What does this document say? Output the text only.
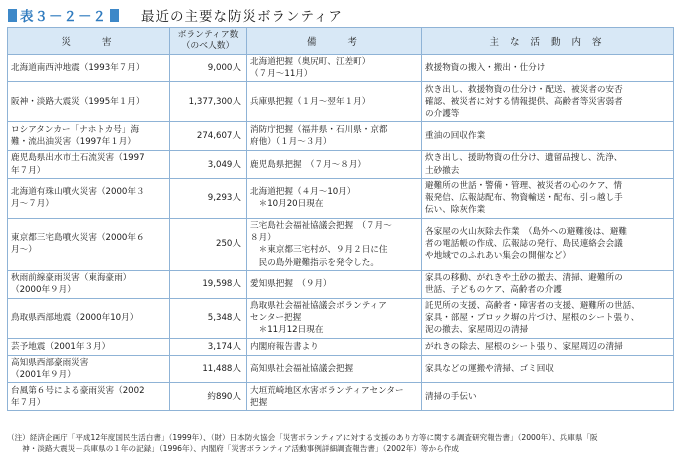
表３－２－２	最近の主要な防災ボランティア
災　　害	ボランティア数
（のべ人数）	備　　考	主 な 活 動 内 容
北海道南西沖地震（1993年７月）	9,000人	北海道把握（奥尻町、江差町）
（７月～11月）	救援物資の搬入・搬出・仕分け
阪神・淡路大震災（1995年１月）	1,377,300人	兵庫県把握（１月～翌年１月）	炊き出し、救援物資の仕分け・配送、被災者の安否
確認、被災者に対する情報提供、高齢者等災害弱者
の介護等
ロシアタンカー「ナホトカ号」海
難・流出油災害（1997年１月）	274,607人	消防庁把握（福井県・石川県・京都
府他）（１月～３月）	重油の回収作業
鹿児島県出水市土石流災害（1997
年７月）	3,049人	鹿児島県把握　（７月～８月）	炊き出し、援助物資の仕分け、遺留品捜し、洗浄、
土砂撤去
北海道有珠山噴火災害（2000年３
月～７月）	9,293人	北海道把握（４月～10月）
　＊10月20日現在	避難所の世話・警備・管理、被災者の心のケア、情
報発信、広報誌配布、物資輸送・配布、引っ越し手
伝い、除灰作業
東京都三宅島噴火災害（2000年６
月～）	250人	三宅島社会福祉協議会把握　（７月～
８月）
　＊東京都三宅村が、９月２日に住
　民の島外避難指示を発令した。	各家屋の火山灰除去作業　（島外への避難後は、避難
者の電話帳の作成、広報誌の発行、島民連絡会会議
や地域でのふれあい集会の開催など）
秋雨前線豪雨災害（東海豪雨）
（2000年９月）	19,598人	愛知県把握　（９月）	家具の移動、がれきや土砂の撤去、清掃、避難所の
世話、子どものケア、高齢者の介護
鳥取県西部地震（2000年10月）	5,348人	鳥取県社会福祉協議会ボランティア
センター把握
　＊11月12日現在	託児所の支援、高齢者・障害者の支援、避難所の世話、
家具・部屋・ブロック塀の片づけ、屋根のシート張り、
泥の撤去、家屋周辺の清掃
芸予地震（2001年３月）	3,174人	内閣府報告書より	がれきの除去、屋根のシート張り、家屋周辺の清掃
高知県西部豪雨災害
（2001年９月）	11,488人	高知県社会福祉協議会把握	家具などの運搬や清掃、ゴミ回収
台風第６号による豪雨災害（2002
年７月）	約890人	大垣荒崎地区水害ボランティアセンター
把握	清掃の手伝い
（注）経済企画庁「平成12年度国民生活白書」（1999年）、（財）日本防火協会「災害ボランティアに対する支援のあり方等に関する調査研究報告書」（2000年）、兵庫県「阪
　　神・淡路大震災－兵庫県の１年の記録」（1996年）、内閣府「災害ボランティア活動事例詳細調査報告書」（2002年）等から作成
